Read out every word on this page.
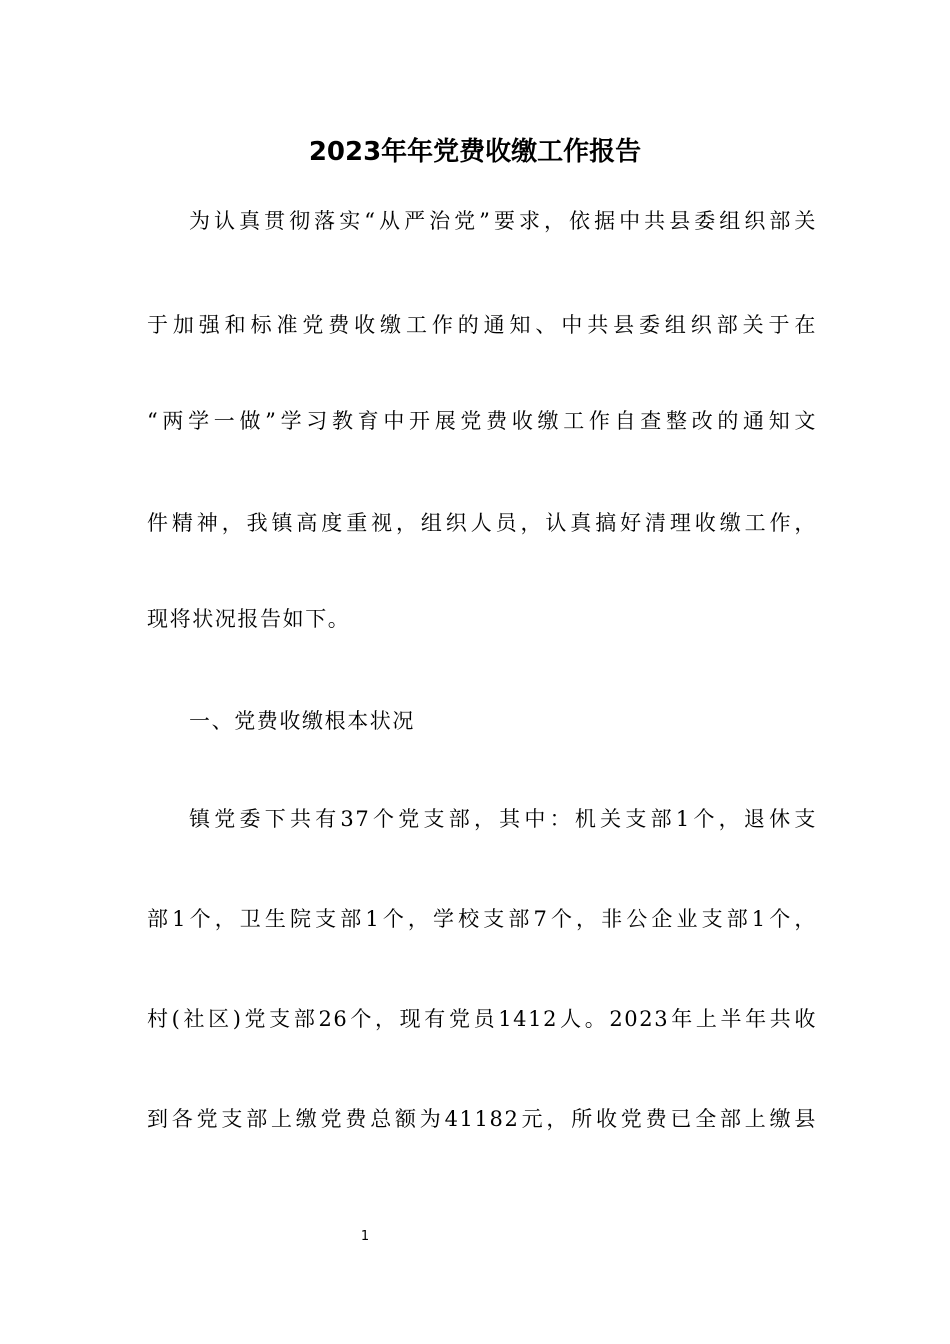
2023年年党费收缴工作报告
为认真贯彻落实“从严治党”要求，依据中共县委组织部关
于加强和标准党费收缴工作的通知、中共县委组织部关于在
“两学一做”学习教育中开展党费收缴工作自查整改的通知文
件精神，我镇高度重视，组织人员，认真搞好清理收缴工作，
现将状况报告如下。
一、党费收缴根本状况
镇党委下共有37个党支部，其中：机关支部1个，退休支
部1个，卫生院支部1个，学校支部7个，非公企业支部1个，
村(社区)党支部26个，现有党员1412人。2023年上半年共收
到各党支部上缴党费总额为41182元，所收党费已全部上缴县
1
